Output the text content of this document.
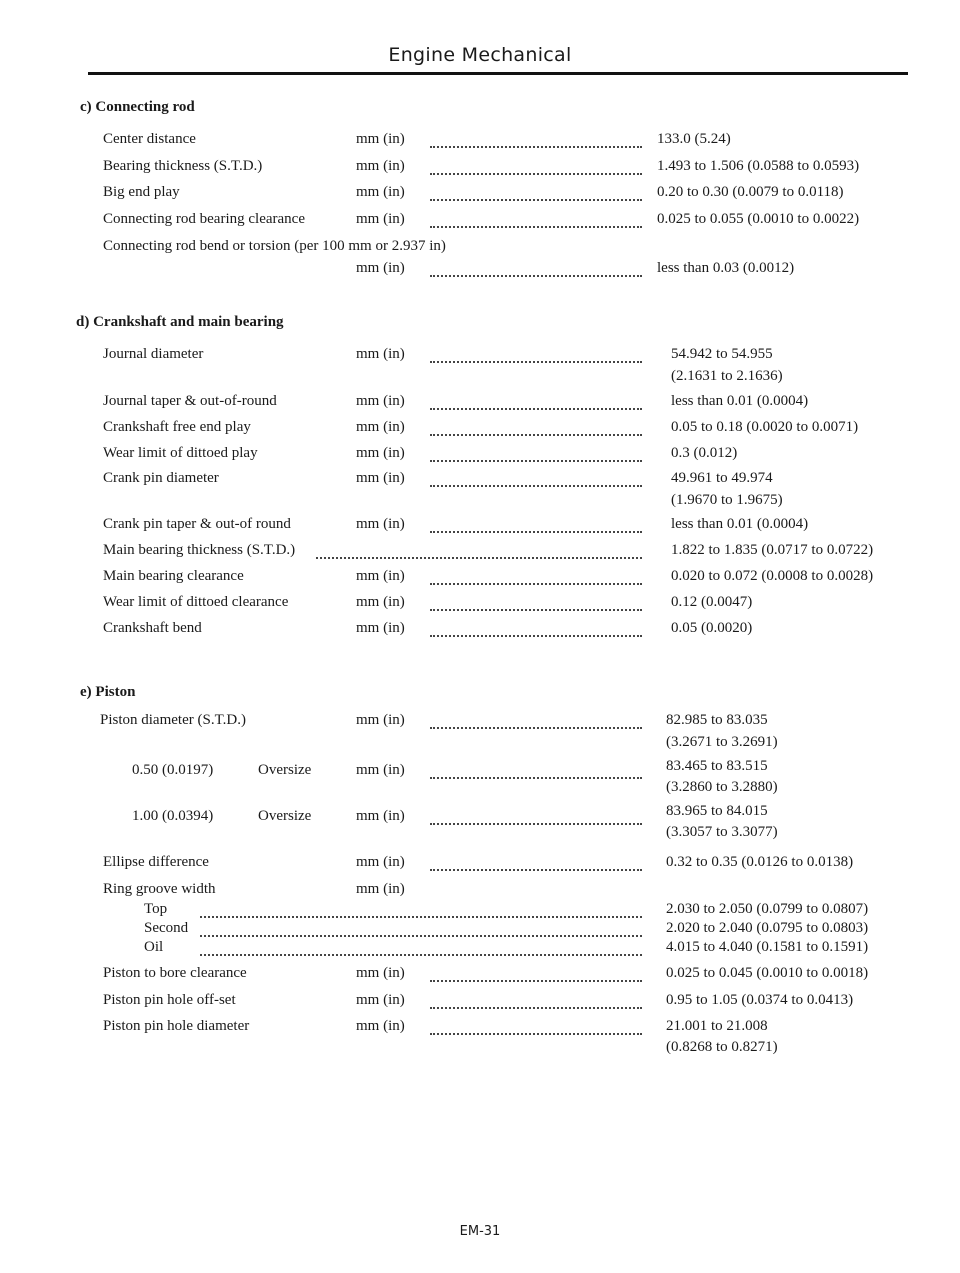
Engine Mechanical
c) Connecting rod
Center distance	mm (in)	133.0 (5.24)
Bearing thickness (S.T.D.)	mm (in)	1.493 to 1.506 (0.0588 to 0.0593)
Big end play	mm (in)	0.20 to 0.30 (0.0079 to 0.0118)
Connecting rod bearing clearance	mm (in)	0.025 to 0.055 (0.0010 to 0.0022)
Connecting rod bend or torsion (per 100 mm or 2.937 in)
mm (in)	less than 0.03 (0.0012)
d) Crankshaft and main bearing
Journal diameter	mm (in)	54.942 to 54.955
(2.1631 to 2.1636)
Journal taper & out-of-round	mm (in)	less than 0.01 (0.0004)
Crankshaft free end play	mm (in)	0.05 to 0.18 (0.0020 to 0.0071)
Wear limit of dittoed play	mm (in)	0.3 (0.012)
Crank pin diameter	mm (in)	49.961 to 49.974
(1.9670 to 1.9675)
Crank pin taper & out-of round	mm (in)	less than 0.01 (0.0004)
Main bearing thickness (S.T.D.)	1.822 to 1.835 (0.0717 to 0.0722)
Main bearing clearance	mm (in)	0.020 to 0.072 (0.0008 to 0.0028)
Wear limit of dittoed clearance	mm (in)	0.12 (0.0047)
Crankshaft bend	mm (in)	0.05 (0.0020)
e) Piston
Piston diameter (S.T.D.)	mm (in)	82.985 to 83.035
(3.2671 to 3.2691)
0.50 (0.0197)	Oversize	mm (in)	83.465 to 83.515
(3.2860 to 3.2880)
1.00 (0.0394)	Oversize	mm (in)	83.965 to 84.015
(3.3057 to 3.3077)
Ellipse difference	mm (in)	0.32 to 0.35 (0.0126 to 0.0138)
Ring groove width	mm (in)
Top	2.030 to 2.050 (0.0799 to 0.0807)
Second	2.020 to 2.040 (0.0795 to 0.0803)
Oil	4.015 to 4.040 (0.1581 to 0.1591)
Piston to bore clearance	mm (in)	0.025 to 0.045 (0.0010 to 0.0018)
Piston pin hole off-set	mm (in)	0.95 to 1.05 (0.0374 to 0.0413)
Piston pin hole diameter	mm (in)	21.001 to 21.008
(0.8268 to 0.8271)
EM-31
